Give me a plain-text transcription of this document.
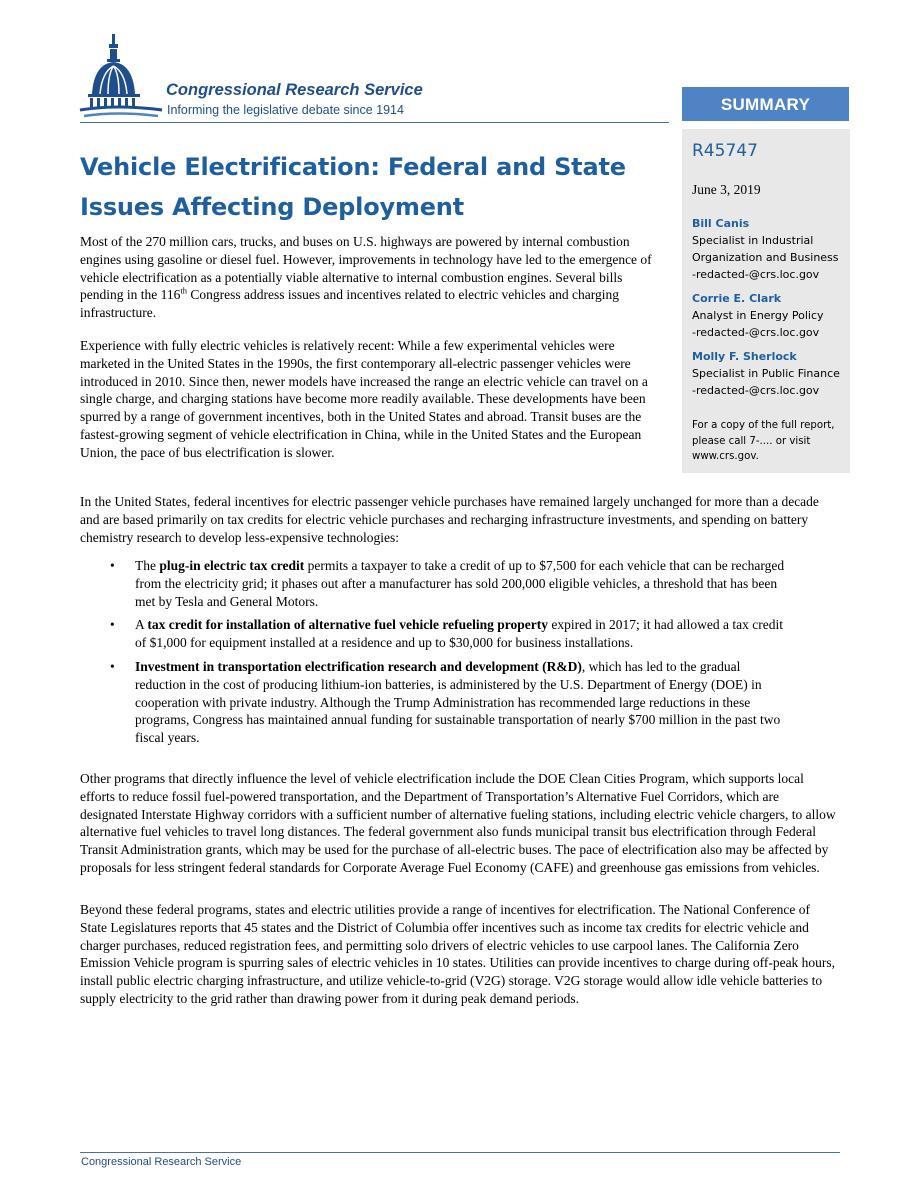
Congressional Research Service
Informing the legislative debate since 1914	SUMMARY
R45747
June 3, 2019
Bill Canis
Specialist in Industrial
Organization and Business
-redacted-@crs.loc.gov
Corrie E. Clark
Analyst in Energy Policy
-redacted-@crs.loc.gov
Molly F. Sherlock
Specialist in Public Finance
-redacted-@crs.loc.gov
For a copy of the full report, please call 7-.... or visit www.crs.gov.
Vehicle Electrification: Federal and State Issues Affecting Deployment
Most of the 270 million cars, trucks, and buses on U.S. highways are powered by internal combustion engines using gasoline or diesel fuel. However, improvements in technology have led to the emergence of vehicle electrification as a potentially viable alternative to internal combustion engines. Several bills pending in the 116th Congress address issues and incentives related to electric vehicles and charging infrastructure.
Experience with fully electric vehicles is relatively recent: While a few experimental vehicles were marketed in the United States in the 1990s, the first contemporary all-electric passenger vehicles were introduced in 2010. Since then, newer models have increased the range an electric vehicle can travel on a single charge, and charging stations have become more readily available. These developments have been spurred by a range of government incentives, both in the United States and abroad. Transit buses are the fastest-growing segment of vehicle electrification in China, while in the United States and the European Union, the pace of bus electrification is slower.
In the United States, federal incentives for electric passenger vehicle purchases have remained largely unchanged for more than a decade and are based primarily on tax credits for electric vehicle purchases and recharging infrastructure investments, and spending on battery chemistry research to develop less-expensive technologies:
• The plug-in electric tax credit permits a taxpayer to take a credit of up to $7,500 for each vehicle that can be recharged from the electricity grid; it phases out after a manufacturer has sold 200,000 eligible vehicles, a threshold that has been met by Tesla and General Motors.
• A tax credit for installation of alternative fuel vehicle refueling property expired in 2017; it had allowed a tax credit of $1,000 for equipment installed at a residence and up to $30,000 for business installations.
• Investment in transportation electrification research and development (R&D), which has led to the gradual reduction in the cost of producing lithium-ion batteries, is administered by the U.S. Department of Energy (DOE) in cooperation with private industry. Although the Trump Administration has recommended large reductions in these programs, Congress has maintained annual funding for sustainable transportation of nearly $700 million in the past two fiscal years.
Other programs that directly influence the level of vehicle electrification include the DOE Clean Cities Program, which supports local efforts to reduce fossil fuel-powered transportation, and the Department of Transportation’s Alternative Fuel Corridors, which are designated Interstate Highway corridors with a sufficient number of alternative fueling stations, including electric vehicle chargers, to allow alternative fuel vehicles to travel long distances. The federal government also funds municipal transit bus electrification through Federal Transit Administration grants, which may be used for the purchase of all-electric buses. The pace of electrification also may be affected by proposals for less stringent federal standards for Corporate Average Fuel Economy (CAFE) and greenhouse gas emissions from vehicles.
Beyond these federal programs, states and electric utilities provide a range of incentives for electrification. The National Conference of State Legislatures reports that 45 states and the District of Columbia offer incentives such as income tax credits for electric vehicle and charger purchases, reduced registration fees, and permitting solo drivers of electric vehicles to use carpool lanes. The California Zero Emission Vehicle program is spurring sales of electric vehicles in 10 states. Utilities can provide incentives to charge during off-peak hours, install public electric charging infrastructure, and utilize vehicle-to-grid (V2G) storage. V2G storage would allow idle vehicle batteries to supply electricity to the grid rather than drawing power from it during peak demand periods.
Congressional Research Service
